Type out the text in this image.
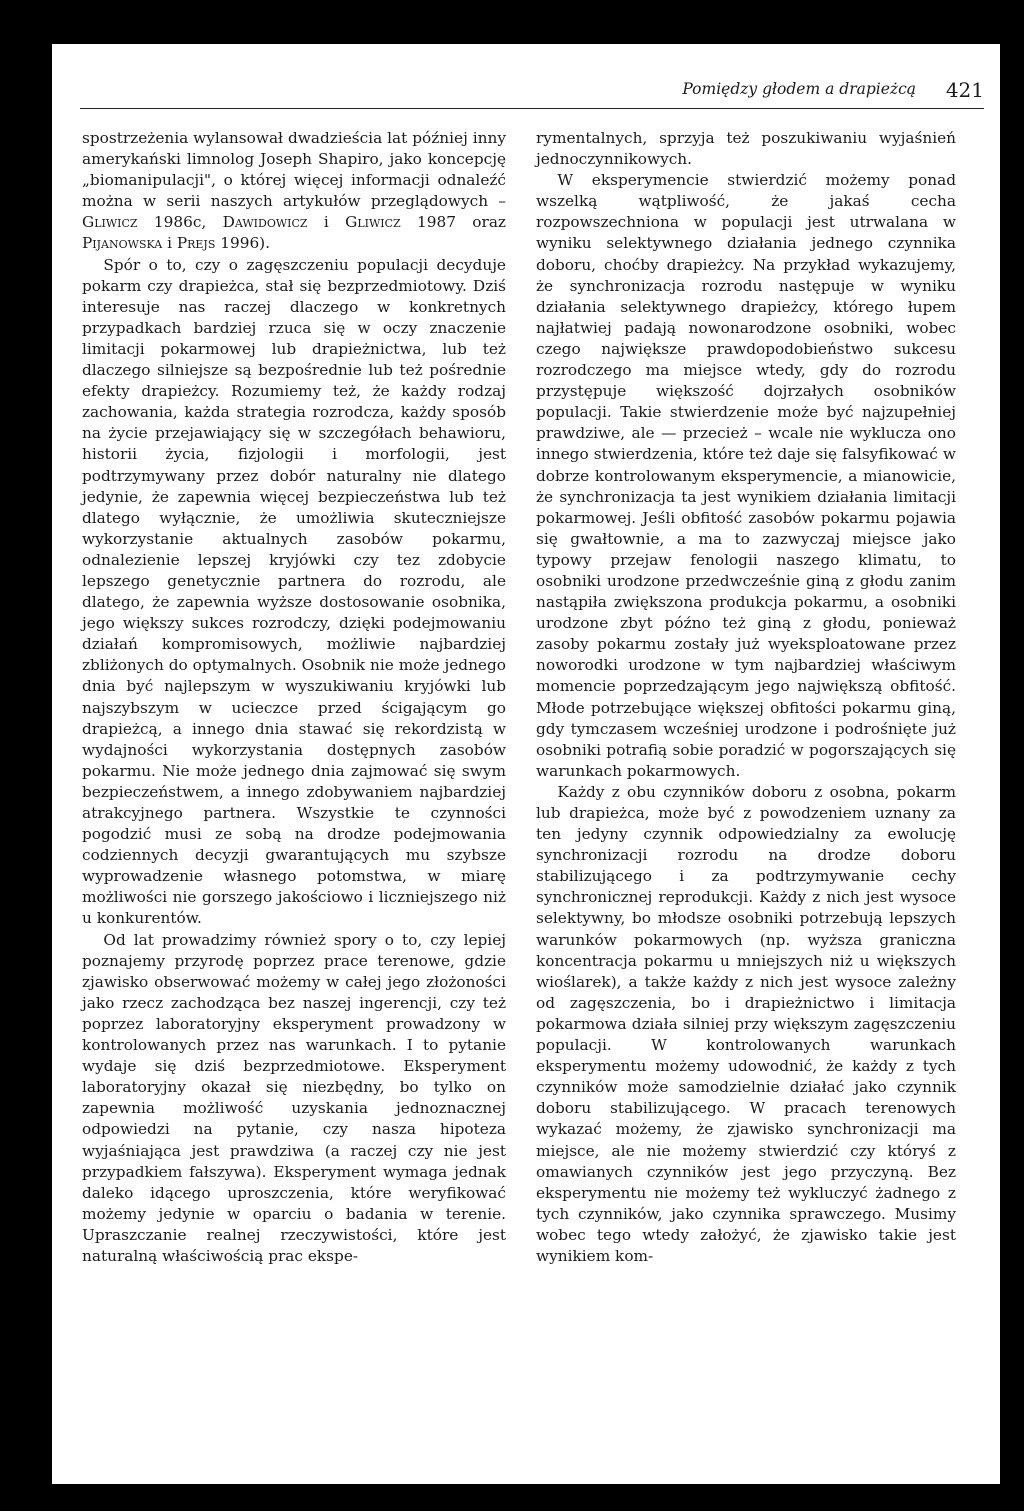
Pomiędzy głodem a drapieżcą 421

spostrzeżenia wylansował dwadzieścia lat później inny amerykański limnolog Joseph Shapiro, jako koncepcję „biomanipulacji", o której więcej informacji odnaleźć można w serii naszych artykułów przeglądowych – Gliwicz 1986c, Dawidowicz i Gliwicz 1987 oraz Pijanowska i Prejs 1996).

Spór o to, czy o zagęszczeniu populacji decyduje pokarm czy drapieżca, stał się bezprzedmiotowy. Dziś interesuje nas raczej dlaczego w konkretnych przypadkach bardziej rzuca się w oczy znaczenie limitacji pokarmowej lub drapieżnictwa, lub też dlaczego silniejsze są bezpośrednie lub też pośrednie efekty drapieżcy. Rozumiemy też, że każdy rodzaj zachowania, każda strategia rozrodcza, każdy sposób na życie przejawiający się w szczegółach behawioru, historii życia, fizjologii i morfologii, jest podtrzymywany przez dobór naturalny nie dlatego jedynie, że zapewnia więcej bezpieczeństwa lub też dlatego wyłącznie, że umożliwia skuteczniejsze wykorzystanie aktualnych zasobów pokarmu, odnalezienie lepszej kryjówki czy tez zdobycie lepszego genetycznie partnera do rozrodu, ale dlatego, że zapewnia wyższe dostosowanie osobnika, jego większy sukces rozrodczy, dzięki podejmowaniu działań kompromisowych, możliwie najbardziej zbliżonych do optymalnych. Osobnik nie może jednego dnia być najlepszym w wyszukiwaniu kryjówki lub najszybszym w ucieczce przed ścigającym go drapieżcą, a innego dnia stawać się rekordzistą w wydajności wykorzystania dostępnych zasobów pokarmu. Nie może jednego dnia zajmować się swym bezpieczeństwem, a innego zdobywaniem najbardziej atrakcyjnego partnera. Wszystkie te czynności pogodzić musi ze sobą na drodze podejmowania codziennych decyzji gwarantujących mu szybsze wyprowadzenie własnego potomstwa, w miarę możliwości nie gorszego jakościowo i liczniejszego niż u konkurentów.

Od lat prowadzimy również spory o to, czy lepiej poznajemy przyrodę poprzez prace terenowe, gdzie zjawisko obserwować możemy w całej jego złożoności jako rzecz zachodząca bez naszej ingerencji, czy też poprzez laboratoryjny eksperyment prowadzony w kontrolowanych przez nas warunkach. I to pytanie wydaje się dziś bezprzedmiotowe. Eksperyment laboratoryjny okazał się niezbędny, bo tylko on zapewnia możliwość uzyskania jednoznacznej odpowiedzi na pytanie, czy nasza hipoteza wyjaśniająca jest prawdziwa (a raczej czy nie jest przypadkiem fałszywa). Eksperyment wymaga jednak daleko idącego uproszczenia, które weryfikować możemy jedynie w oparciu o badania w terenie. Upraszczanie realnej rzeczywistości, które jest naturalną właściwością prac ekspe-

rymentalnych, sprzyja też poszukiwaniu wyjaśnień jednoczynnikowych.

W eksperymencie stwierdzić możemy ponad wszelką wątpliwość, że jakaś cecha rozpowszechniona w populacji jest utrwalana w wyniku selektywnego działania jednego czynnika doboru, choćby drapieżcy. Na przykład wykazujemy, że synchronizacja rozrodu następuje w wyniku działania selektywnego drapieżcy, którego łupem najłatwiej padają nowonarodzone osobniki, wobec czego największe prawdopodobieństwo sukcesu rozrodczego ma miejsce wtedy, gdy do rozrodu przystępuje większość dojrzałych osobników populacji. Takie stwierdzenie może być najzupełniej prawdziwe, ale — przecież – wcale nie wyklucza ono innego stwierdzenia, które też daje się falsyfikować w dobrze kontrolowanym eksperymencie, a mianowicie, że synchronizacja ta jest wynikiem działania limitacji pokarmowej. Jeśli obfitość zasobów pokarmu pojawia się gwałtownie, a ma to zazwyczaj miejsce jako typowy przejaw fenologii naszego klimatu, to osobniki urodzone przedwcześnie giną z głodu zanim nastąpiła zwiększona produkcja pokarmu, a osobniki urodzone zbyt późno też giną z głodu, ponieważ zasoby pokarmu zostały już wyeksploatowane przez noworodki urodzone w tym najbardziej właściwym momencie poprzedzającym jego największą obfitość. Młode potrzebujące większej obfitości pokarmu giną, gdy tymczasem wcześniej urodzone i podrośnięte już osobniki potrafią sobie poradzić w pogorszających się warunkach pokarmowych.

Każdy z obu czynników doboru z osobna, pokarm lub drapieżca, może być z powodzeniem uznany za ten jedyny czynnik odpowiedzialny za ewolucję synchronizacji rozrodu na drodze doboru stabilizującego i za podtrzymywanie cechy synchronicznej reprodukcji. Każdy z nich jest wysoce selektywny, bo młodsze osobniki potrzebują lepszych warunków pokarmowych (np. wyższa graniczna koncentracja pokarmu u mniejszych niż u większych wioślarek), a także każdy z nich jest wysoce zależny od zagęszczenia, bo i drapieżnictwo i limitacja pokarmowa działa silniej przy większym zagęszczeniu populacji. W kontrolowanych warunkach eksperymentu możemy udowodnić, że każdy z tych czynników może samodzielnie działać jako czynnik doboru stabilizującego. W pracach terenowych wykazać możemy, że zjawisko synchronizacji ma miejsce, ale nie możemy stwierdzić czy któryś z omawianych czynników jest jego przyczyną. Bez eksperymentu nie możemy też wykluczyć żadnego z tych czynników, jako czynnika sprawczego. Musimy wobec tego wtedy założyć, że zjawisko takie jest wynikiem kom-
